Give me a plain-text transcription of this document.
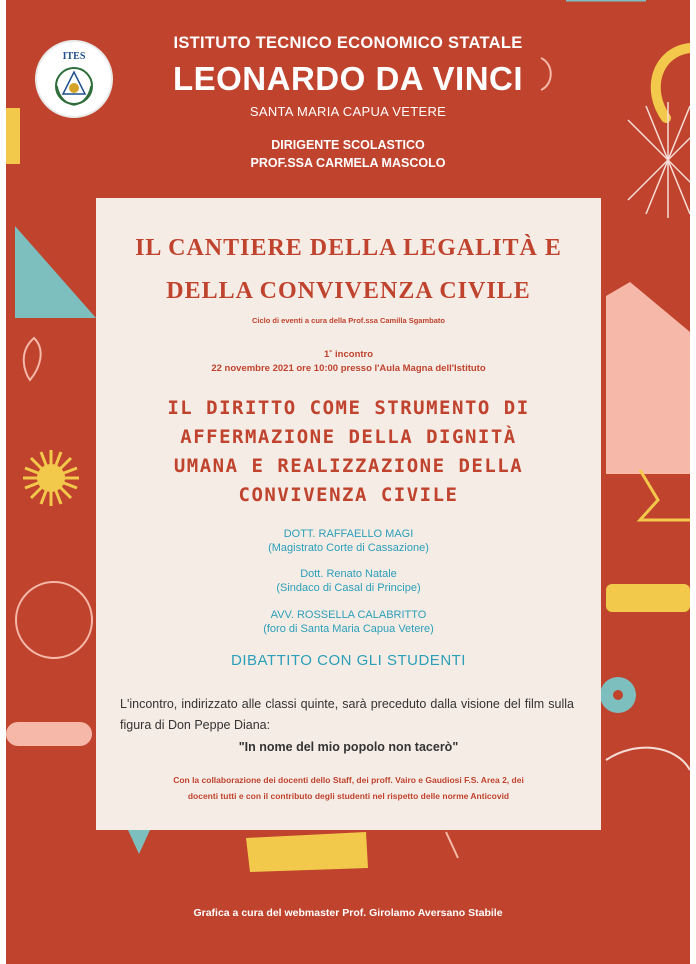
ITES
ISTITUTO TECNICO ECONOMICO STATALE
LEONARDO DA VINCI
SANTA MARIA CAPUA VETERE
DIRIGENTE SCOLASTICO
PROF.SSA CARMELA MASCOLO
IL CANTIERE DELLA LEGALITÀ E
DELLA CONVIVENZA CIVILE
Ciclo di eventi a cura della Prof.ssa Camilla Sgambato
1˚ incontro
22 novembre 2021 ore 10:00 presso l'Aula Magna dell'Istituto
IL DIRITTO COME STRUMENTO DI
AFFERMAZIONE DELLA DIGNITÀ
UMANA E REALIZZAZIONE DELLA
CONVIVENZA CIVILE
DOTT. RAFFAELLO MAGI
(Magistrato Corte di Cassazione)
Dott. Renato Natale
(Sindaco di Casal di Principe)
AVV. ROSSELLA CALABRITTO
(foro di Santa Maria Capua Vetere)
DIBATTITO CON GLI STUDENTI
L'incontro, indirizzato alle classi quinte, sarà preceduto dalla visione del film sulla figura di Don Peppe Diana:
"In nome del mio popolo non tacerò"
Con la collaborazione dei docenti dello Staff, dei proff. Vairo e Gaudiosi F.S. Area 2, dei
docenti tutti e con il contributo degli studenti nel rispetto delle norme Anticovid
Grafica a cura del webmaster Prof. Girolamo Aversano Stabile
